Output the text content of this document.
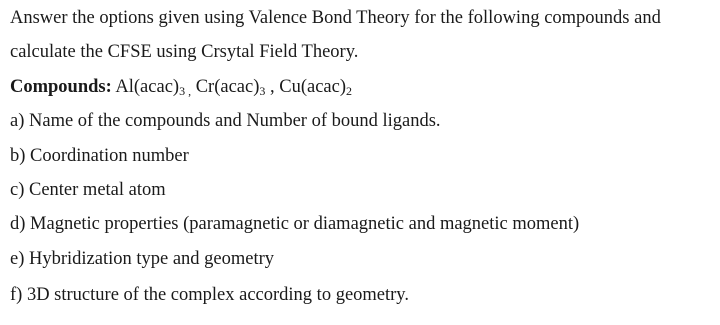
Answer the options given using Valence Bond Theory for the following compounds and
calculate the CFSE using Crsytal Field Theory.
Compounds: $Al(acac)_{3 ,}$ $Cr(acac)_3$ , $Cu(acac)_2$
a) Name of the compounds and Number of bound ligands.
b) Coordination number
c) Center metal atom
d) Magnetic properties (paramagnetic or diamagnetic and magnetic moment)
e) Hybridization type and geometry
f) 3D structure of the complex according to geometry.
